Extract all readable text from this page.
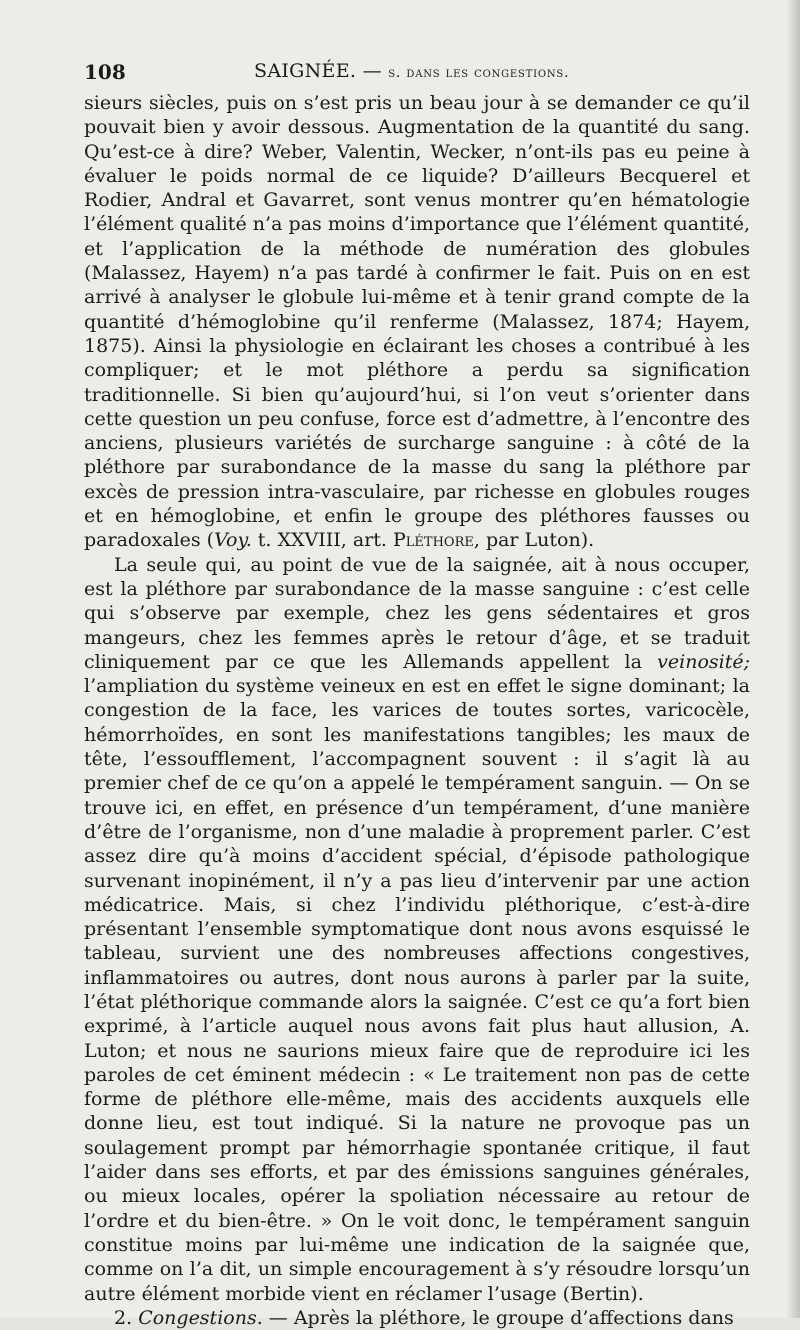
108	SAIGNÉE. — s. dans les congestions.

sieurs siècles, puis on s’est pris un beau jour à se demander ce qu’il pouvait bien y avoir dessous. Augmentation de la quantité du sang. Qu’est-ce à dire? Weber, Valentin, Wecker, n’ont-ils pas eu peine à évaluer le poids normal de ce liquide? D’ailleurs Becquerel et Rodier, Andral et Gavarret, sont venus montrer qu’en hématologie l’élément qualité n’a pas moins d’importance que l’élément quantité, et l’application de la méthode de numération des globules (Malassez, Hayem) n’a pas tardé à confirmer le fait. Puis on en est arrivé à analyser le globule lui-même et à tenir grand compte de la quantité d’hémoglobine qu’il renferme (Malassez, 1874; Hayem, 1875). Ainsi la physiologie en éclairant les choses a contribué à les compliquer; et le mot pléthore a perdu sa signification traditionnelle. Si bien qu’aujourd’hui, si l’on veut s’orienter dans cette question un peu confuse, force est d’admettre, à l’encontre des anciens, plusieurs variétés de surcharge sanguine : à côté de la pléthore par surabondance de la masse du sang la pléthore par excès de pression intra-vasculaire, par richesse en globules rouges et en hémoglobine, et enfin le groupe des pléthores fausses ou paradoxales (Voy. t. XXVIII, art. Pléthore, par Luton).

La seule qui, au point de vue de la saignée, ait à nous occuper, est la pléthore par surabondance de la masse sanguine : c’est celle qui s’observe par exemple, chez les gens sédentaires et gros mangeurs, chez les femmes après le retour d’âge, et se traduit cliniquement par ce que les Allemands appellent la veinosité; l’ampliation du système veineux en est en effet le signe dominant; la congestion de la face, les varices de toutes sortes, varicocèle, hémorrhoïdes, en sont les manifestations tangibles; les maux de tête, l’essoufflement, l’accompagnent souvent : il s’agit là au premier chef de ce qu’on a appelé le tempérament sanguin. — On se trouve ici, en effet, en présence d’un tempérament, d’une manière d’être de l’organisme, non d’une maladie à proprement parler. C’est assez dire qu’à moins d’accident spécial, d’épisode pathologique survenant inopinément, il n’y a pas lieu d’intervenir par une action médicatrice. Mais, si chez l’individu pléthorique, c’est-à-dire présentant l’ensemble symptomatique dont nous avons esquissé le tableau, survient une des nombreuses affections congestives, inflammatoires ou autres, dont nous aurons à parler par la suite, l’état pléthorique commande alors la saignée. C’est ce qu’a fort bien exprimé, à l’article auquel nous avons fait plus haut allusion, A. Luton; et nous ne saurions mieux faire que de reproduire ici les paroles de cet éminent médecin : « Le traitement non pas de cette forme de pléthore elle-même, mais des accidents auxquels elle donne lieu, est tout indiqué. Si la nature ne provoque pas un soulagement prompt par hémorrhagie spontanée critique, il faut l’aider dans ses efforts, et par des émissions sanguines générales, ou mieux locales, opérer la spoliation nécessaire au retour de l’ordre et du bien-être. » On le voit donc, le tempérament sanguin constitue moins par lui-même une indication de la saignée que, comme on l’a dit, un simple encouragement à s’y résoudre lorsqu’un autre élément morbide vient en réclamer l’usage (Bertin).

2. Congestions. — Après la pléthore, le groupe d’affections dans
